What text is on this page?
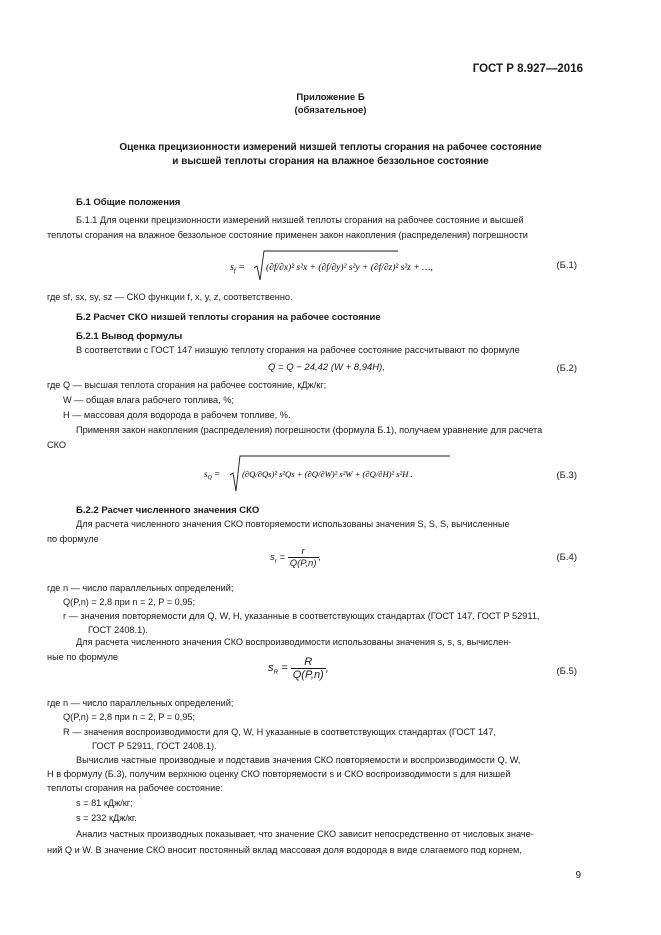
ГОСТ Р 8.927—2016
Приложение Б
(обязательное)
Оценка прецизионности измерений низшей теплоты сгорания на рабочее состояние
и высшей теплоты сгорания на влажное беззольное состояние
Б.1 Общие положения
Б.1.1 Для оценки прецизионности измерений низшей теплоты сгорания на рабочее состояние и высшей
теплоты сгорания на влажное беззольное состояние применен закон накопления (распределения) погрешности
$s_f = (\partial f/\partial x)^2$ s²x + (∂f/∂y)² s²y + (∂f/∂z)² s²z + …,	(Б.1)
где sf, sx, sy, sz — СКО функции f, x, y, z, соответственно.
Б.2 Расчет СКО низшей теплоты сгорания на рабочее состояние
Б.2.1 Вывод формулы
В соответствии с ГОСТ 147 низшую теплоту сгорания на рабочее состояние рассчитывают по формуле
Q = Q − 24,42 (W + 8,94H),	(Б.2)
где Q — высшая теплота сгорания на рабочее состояние, кДж/кг;
W — общая влага рабочего топлива, %;
H — массовая доля водорода в рабочем топливе, %.
Применяя закон накопления (распределения) погрешности (формула Б.1), получаем уравнение для расчета
СКО
$s_Q$ =	(∂Q/∂Qs)² s²Qs + (∂Q/∂W)² s²W + (∂Q/∂H)² s²H .	(Б.3)
Б.2.2 Расчет численного значения СКО
Для расчета численного значения СКО повторяемости использованы значения S, S, S, вычисленные
по формуле
$s_r = \frac{r}{Q(P,n)}$ ,	(Б.4)
где n — число параллельных определений;
Q(P,n) = 2,8 при n = 2, P = 0,95;
r — значения повторяемости для Q, W, H, указанные в соответствующих стандартах (ГОСТ 147, ГОСТ Р 52911,
ГОСТ 2408.1).
Для расчета численного значения СКО воспроизводимости использованы значения s, s, s, вычислен-
ные по формуле
$s_R = \frac{R}{Q(P,n)}$ ,	(Б.5)
где n — число параллельных определений;
Q(P,n) = 2,8 при n = 2, P = 0,95;
R — значения воспроизводимости для Q, W, H указанные в соответствующих стандартах (ГОСТ 147,
ГОСТ Р 52911, ГОСТ 2408.1).
Вычислив частные производные и подставив значения СКО повторяемости и воспроизводимости Q, W,
H в формулу (Б.3), получим верхнюю оценку СКО повторяемости s и СКО воспроизводимости s для низшей
теплоты сгорания на рабочее состояние:
s = 81 кДж/кг;
s = 232 кДж/кг.
Анализ частных производных показывает, что значение СКО зависит непосредственно от числовых значе-
ний Q и W. В значение СКО вносит постоянный вклад массовая доля водорода в виде слагаемого под корнем,
9
